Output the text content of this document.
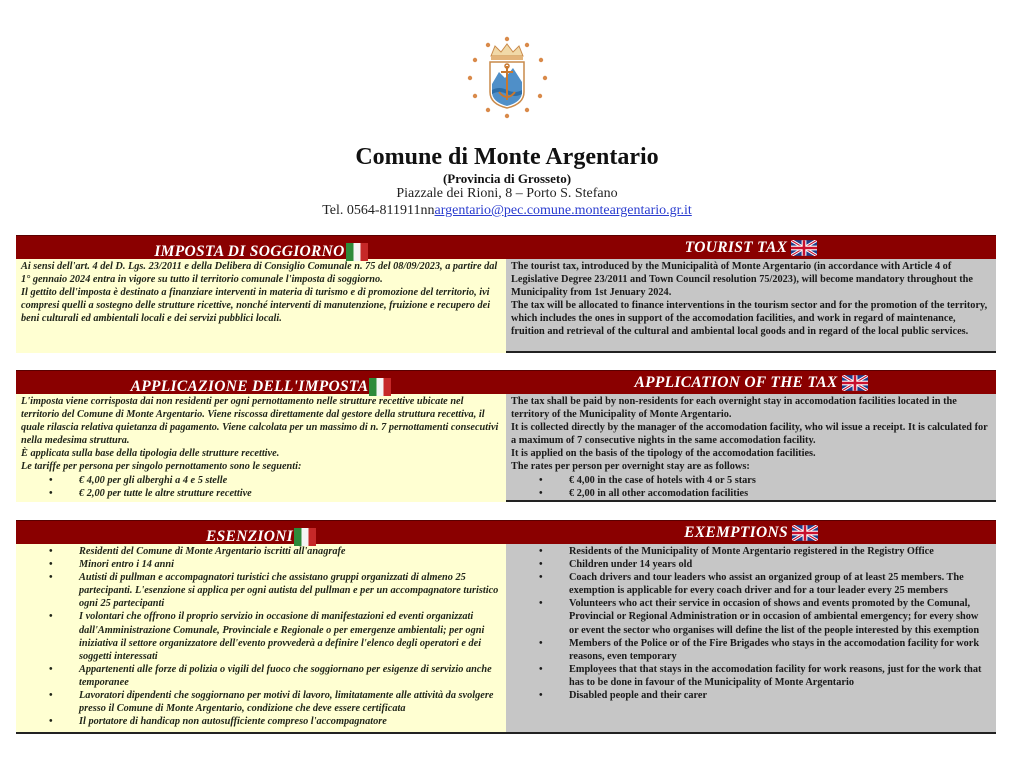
Comune di Monte Argentario
(Provincia di Grosseto)
Piazzale dei Rioni, 8 – Porto S. Stefano
Tel. 0564-811911nnargentario@pec.comune.monteargentario.gr.it
IMPOSTA DI SOGGIORNO
Ai sensi dell'art. 4 del D. Lgs. 23/2011 e della Delibera di Consiglio Comunale n. 75 del 08/09/2023, a partire dal 1° gennaio 2024 entra in vigore su tutto il territorio comunale l'imposta di soggiorno.
Il gettito dell'imposta è destinato a finanziare interventi in materia di turismo e di promozione del territorio, ivi compresi quelli a sostegno delle strutture ricettive, nonché interventi di manutenzione, fruizione e recupero dei beni culturali ed ambientali locali e dei servizi pubblici locali.
TOURIST TAX
The tourist tax, introduced by the Municipalità of Monte Argentario (in accordance with Article 4 of Legislative Degree 23/2011 and Town Council resolution 75/2023), will become mandatory throughout the Municipality from 1st Jenuary 2024.
The tax will be allocated to finance interventions in the tourism sector and for the promotion of the territory, which includes the ones in support of the accomodation facilities, and work in regard of maintenance, fruition and retrieval of the cultural and ambiental local goods and in regard of the local public services.
APPLICAZIONE DELL'IMPOSTA
L'imposta viene corrisposta dai non residenti per ogni pernottamento nelle strutture recettive ubicate nel territorio del Comune di Monte Argentario. Viene riscossa direttamente dal gestore della struttura recettiva, il quale rilascia relativa quietanza di pagamento. Viene calcolata per un massimo di n. 7 pernottamenti consecutivi nella medesima struttura.
È applicata sulla base della tipologia delle strutture recettive.
Le tariffe per persona per singolo pernottamento sono le seguenti:
• € 4,00 per gli alberghi a 4 e 5 stelle
• € 2,00 per tutte le altre strutture recettive
APPLICATION OF THE TAX
The tax shall be paid by non-residents for each overnight stay in accomodation facilities located in the territory of the Municipality of Monte Argentario.
It is collected directly by the manager of the accomodation facility, who wil issue a receipt. It is calculated for a maximum of 7 consecutive nights in the same accomodation facility.
It is applied on the basis of the tipology of the accomodation facilities.
The rates per person per overnight stay are as follows:
• € 4,00 in the case of hotels with 4 or 5 stars
• € 2,00 in all other accomodation facilities
ESENZIONI
• Residenti del Comune di Monte Argentario iscritti all'anagrafe
• Minori entro i 14 anni
• Autisti di pullman e accompagnatori turistici che assistano gruppi organizzati di almeno 25 partecipanti. L'esenzione si applica per ogni autista del pullman e per un accompagnatore turistico ogni 25 partecipanti
• I volontari che offrono il proprio servizio in occasione di manifestazioni ed eventi organizzati dall'Amministrazione Comunale, Provinciale e Regionale o per emergenze ambientali; per ogni iniziativa il settore organizzatore dell'evento provvederà a definire l'elenco degli operatori e dei soggetti interessati
• Appartenenti alle forze di polizia o vigili del fuoco che soggiornano per esigenze di servizio anche temporanee
• Lavoratori dipendenti che soggiornano per motivi di lavoro, limitatamente alle attività da svolgere presso il Comune di Monte Argentario, condizione che deve essere certificata
• Il portatore di handicap non autosufficiente compreso l'accompagnatore
EXEMPTIONS
• Residents of the Municipality of Monte Argentario registered in the Registry Office
• Children under 14 years old
• Coach drivers and tour leaders who assist an organized group of at least 25 members. The exemption is applicable for every coach driver and for a tour leader every 25 members
• Volunteers who act their service in occasion of shows and events promoted by the Comunal, Provincial or Regional Administration or in occasion of ambiental emergency; for every show or event the sector who organises will define the list of the people interested by this exemption
• Members of the Police or of the Fire Brigades who stays in the accomodation facility for work reasons, even temporary
• Employees that that stays in the accomodation facility for work reasons, just for the work that has to be done in favour of the Municipality of Monte Argentario
• Disabled people and their carer
